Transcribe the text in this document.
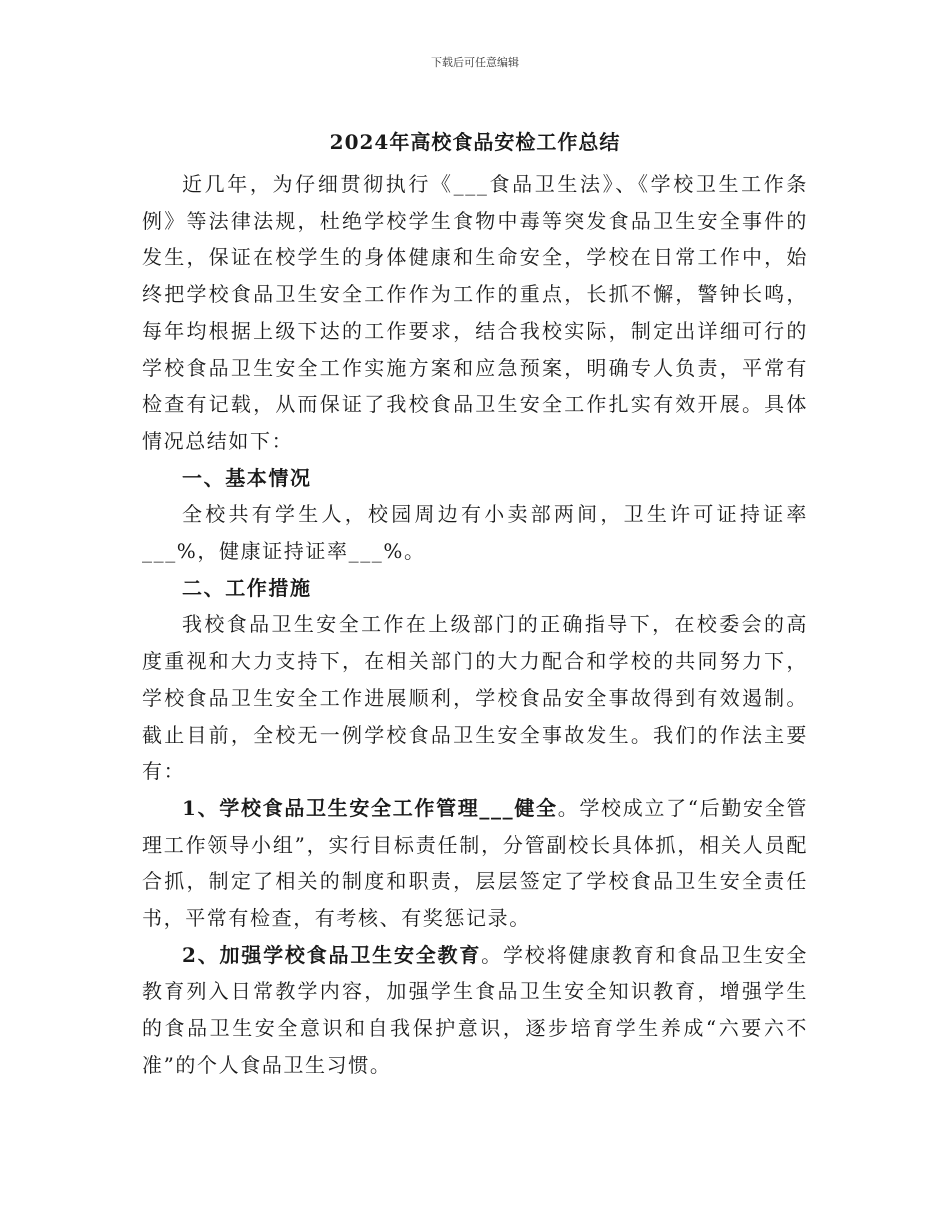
下载后可任意编辑
2024年高校食品安检工作总结

近几年，为仔细贯彻执行《___食品卫生法》、《学校卫生工作条例》等法律法规，杜绝学校学生食物中毒等突发食品卫生安全事件的发生，保证在校学生的身体健康和生命安全，学校在日常工作中，始终把学校食品卫生安全工作作为工作的重点，长抓不懈，警钟长鸣，每年均根据上级下达的工作要求，结合我校实际，制定出详细可行的学校食品卫生安全工作实施方案和应急预案，明确专人负责，平常有检查有记载，从而保证了我校食品卫生安全工作扎实有效开展。具体情况总结如下：

一、基本情况

全校共有学生人，校园周边有小卖部两间，卫生许可证持证率___%，健康证持证率___%。

二、工作措施

我校食品卫生安全工作在上级部门的正确指导下，在校委会的高度重视和大力支持下，在相关部门的大力配合和学校的共同努力下，学校食品卫生安全工作进展顺利，学校食品安全事故得到有效遏制。截止目前，全校无一例学校食品卫生安全事故发生。我们的作法主要有：

1、学校食品卫生安全工作管理___健全。学校成立了“后勤安全管理工作领导小组”，实行目标责任制，分管副校长具体抓，相关人员配合抓，制定了相关的制度和职责，层层签定了学校食品卫生安全责任书，平常有检查，有考核、有奖惩记录。

2、加强学校食品卫生安全教育。学校将健康教育和食品卫生安全教育列入日常教学内容，加强学生食品卫生安全知识教育，增强学生的食品卫生安全意识和自我保护意识，逐步培育学生养成“六要六不准”的个人食品卫生习惯。
